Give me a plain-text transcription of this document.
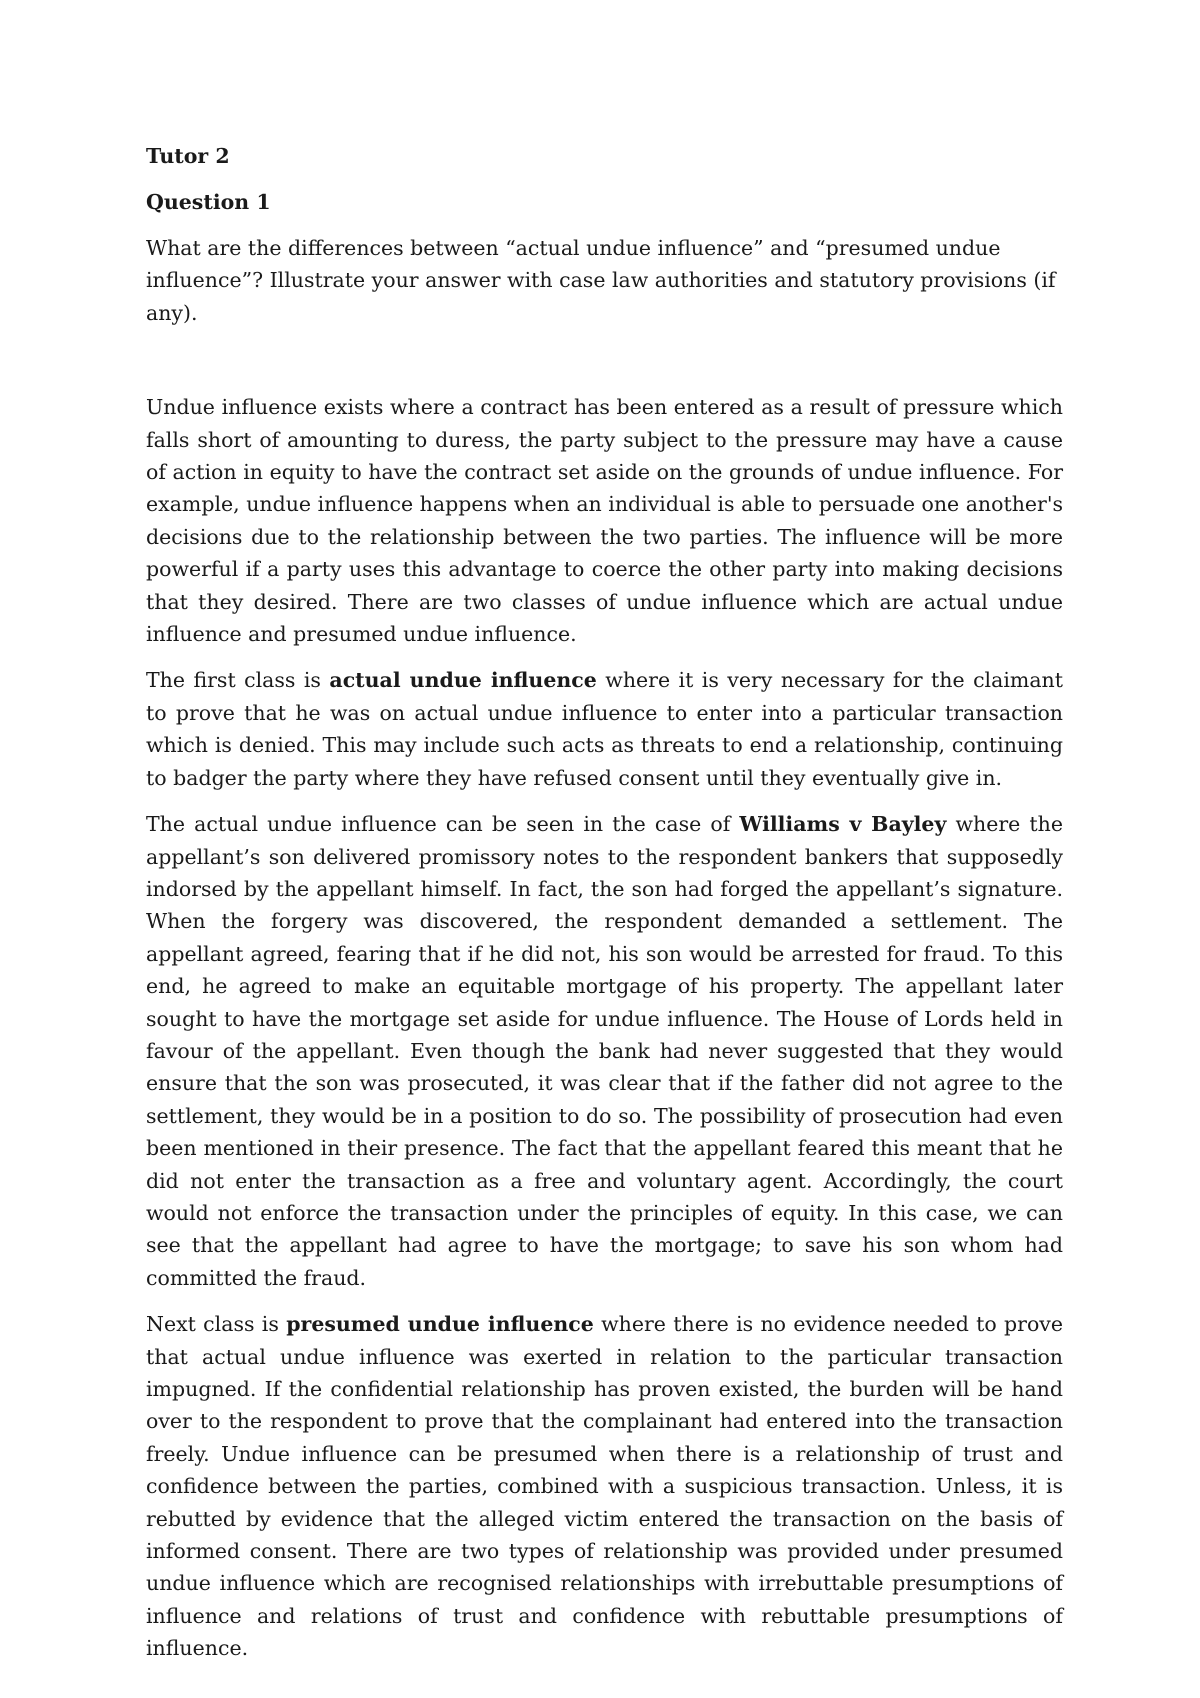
Tutor 2
Question 1
What are the differences between “actual undue influence” and “presumed undue influence”? Illustrate your answer with case law authorities and statutory provisions (if any).
Undue influence exists where a contract has been entered as a result of pressure which falls short of amounting to duress, the party subject to the pressure may have a cause of action in equity to have the contract set aside on the grounds of undue influence. For example, undue influence happens when an individual is able to persuade one another's decisions due to the relationship between the two parties. The influence will be more powerful if a party uses this advantage to coerce the other party into making decisions that they desired. There are two classes of undue influence which are actual undue influence and presumed undue influence.
The first class is actual undue influence where it is very necessary for the claimant to prove that he was on actual undue influence to enter into a particular transaction which is denied. This may include such acts as threats to end a relationship, continuing to badger the party where they have refused consent until they eventually give in.
The actual undue influence can be seen in the case of Williams v Bayley where the appellant’s son delivered promissory notes to the respondent bankers that supposedly indorsed by the appellant himself. In fact, the son had forged the appellant’s signature. When the forgery was discovered, the respondent demanded a settlement. The appellant agreed, fearing that if he did not, his son would be arrested for fraud. To this end, he agreed to make an equitable mortgage of his property. The appellant later sought to have the mortgage set aside for undue influence. The House of Lords held in favour of the appellant. Even though the bank had never suggested that they would ensure that the son was prosecuted, it was clear that if the father did not agree to the settlement, they would be in a position to do so. The possibility of prosecution had even been mentioned in their presence. The fact that the appellant feared this meant that he did not enter the transaction as a free and voluntary agent. Accordingly, the court would not enforce the transaction under the principles of equity. In this case, we can see that the appellant had agree to have the mortgage; to save his son whom had committed the fraud.
Next class is presumed undue influence where there is no evidence needed to prove that actual undue influence was exerted in relation to the particular transaction impugned. If the confidential relationship has proven existed, the burden will be hand over to the respondent to prove that the complainant had entered into the transaction freely. Undue influence can be presumed when there is a relationship of trust and confidence between the parties, combined with a suspicious transaction. Unless, it is rebutted by evidence that the alleged victim entered the transaction on the basis of informed consent. There are two types of relationship was provided under presumed undue influence which are recognised relationships with irrebuttable presumptions of influence and relations of trust and confidence with rebuttable presumptions of influence.
